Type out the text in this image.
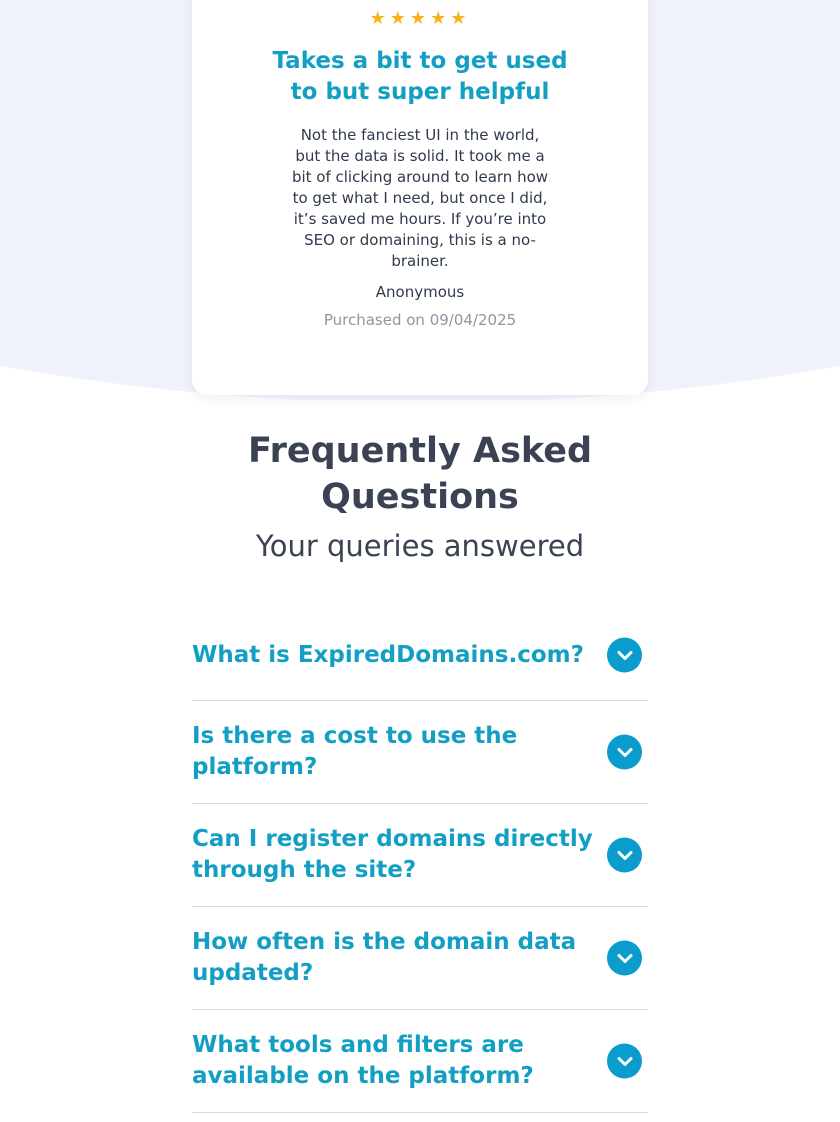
★★★★★
Takes a bit to get used to but super helpful
Not the fanciest UI in the world, but the data is solid. It took me a bit of clicking around to learn how to get what I need, but once I did, it’s saved me hours. If you’re into SEO or domaining, this is a no-brainer.
Anonymous
Purchased on 09/04/2025
Frequently Asked Questions
Your queries answered
What is ExpiredDomains.com?
Is there a cost to use the platform?
Can I register domains directly through the site?
How often is the domain data updated?
What tools and filters are available on the platform?
